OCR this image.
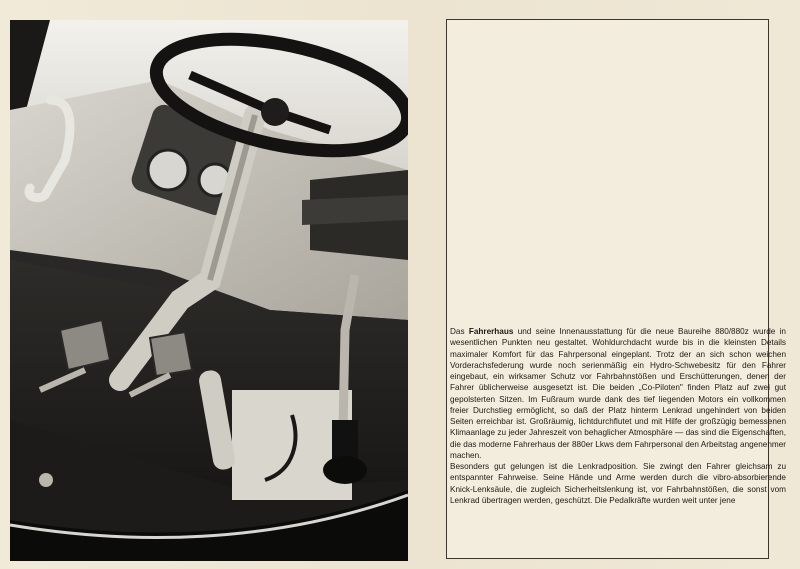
Das Fahrerhaus und seine Innenausstattung für die neue Baureihe 880/880z wurde in wesentlichen Punkten neu gestaltet. Wohldurchdacht wurde bis in die kleinsten Details maximaler Komfort für das Fahrpersonal eingeplant. Trotz der an sich schon weichen Vorderachsfederung wurde noch serienmäßig ein Hydro-Schwebesitz für den Fahrer eingebaut, ein wirksamer Schutz vor Fahrbahnstößen und Erschütterungen, denen der Fahrer üblicherweise ausgesetzt ist. Die beiden „Co-Piloten" finden Platz auf zwei gut gepolsterten Sitzen. Im Fußraum wurde dank des tief liegenden Motors ein vollkommen freier Durchstieg ermöglicht, so daß der Platz hinterm Lenkrad ungehindert von beiden Seiten erreichbar ist. Großräumig, lichtdurchflutet und mit Hilfe der großzügig bemessenen Klimaanlage zu jeder Jahreszeit von behaglicher Atmosphäre — das sind die Eigenschaften, die das moderne Fahrerhaus der 880er Lkws dem Fahrpersonal den Arbeitstag angenehmer machen.

Besonders gut gelungen ist die Lenkradposition. Sie zwingt den Fahrer gleichsam zu entspannter Fahrweise. Seine Hände und Arme werden durch die vibro-absorbierende Knick-Lenksäule, die zugleich Sicherheitslenkung ist, vor Fahrbahnstößen, die sonst vom Lenkrad übertragen werden, geschützt. Die Pedalkräfte wurden weit unter jene
